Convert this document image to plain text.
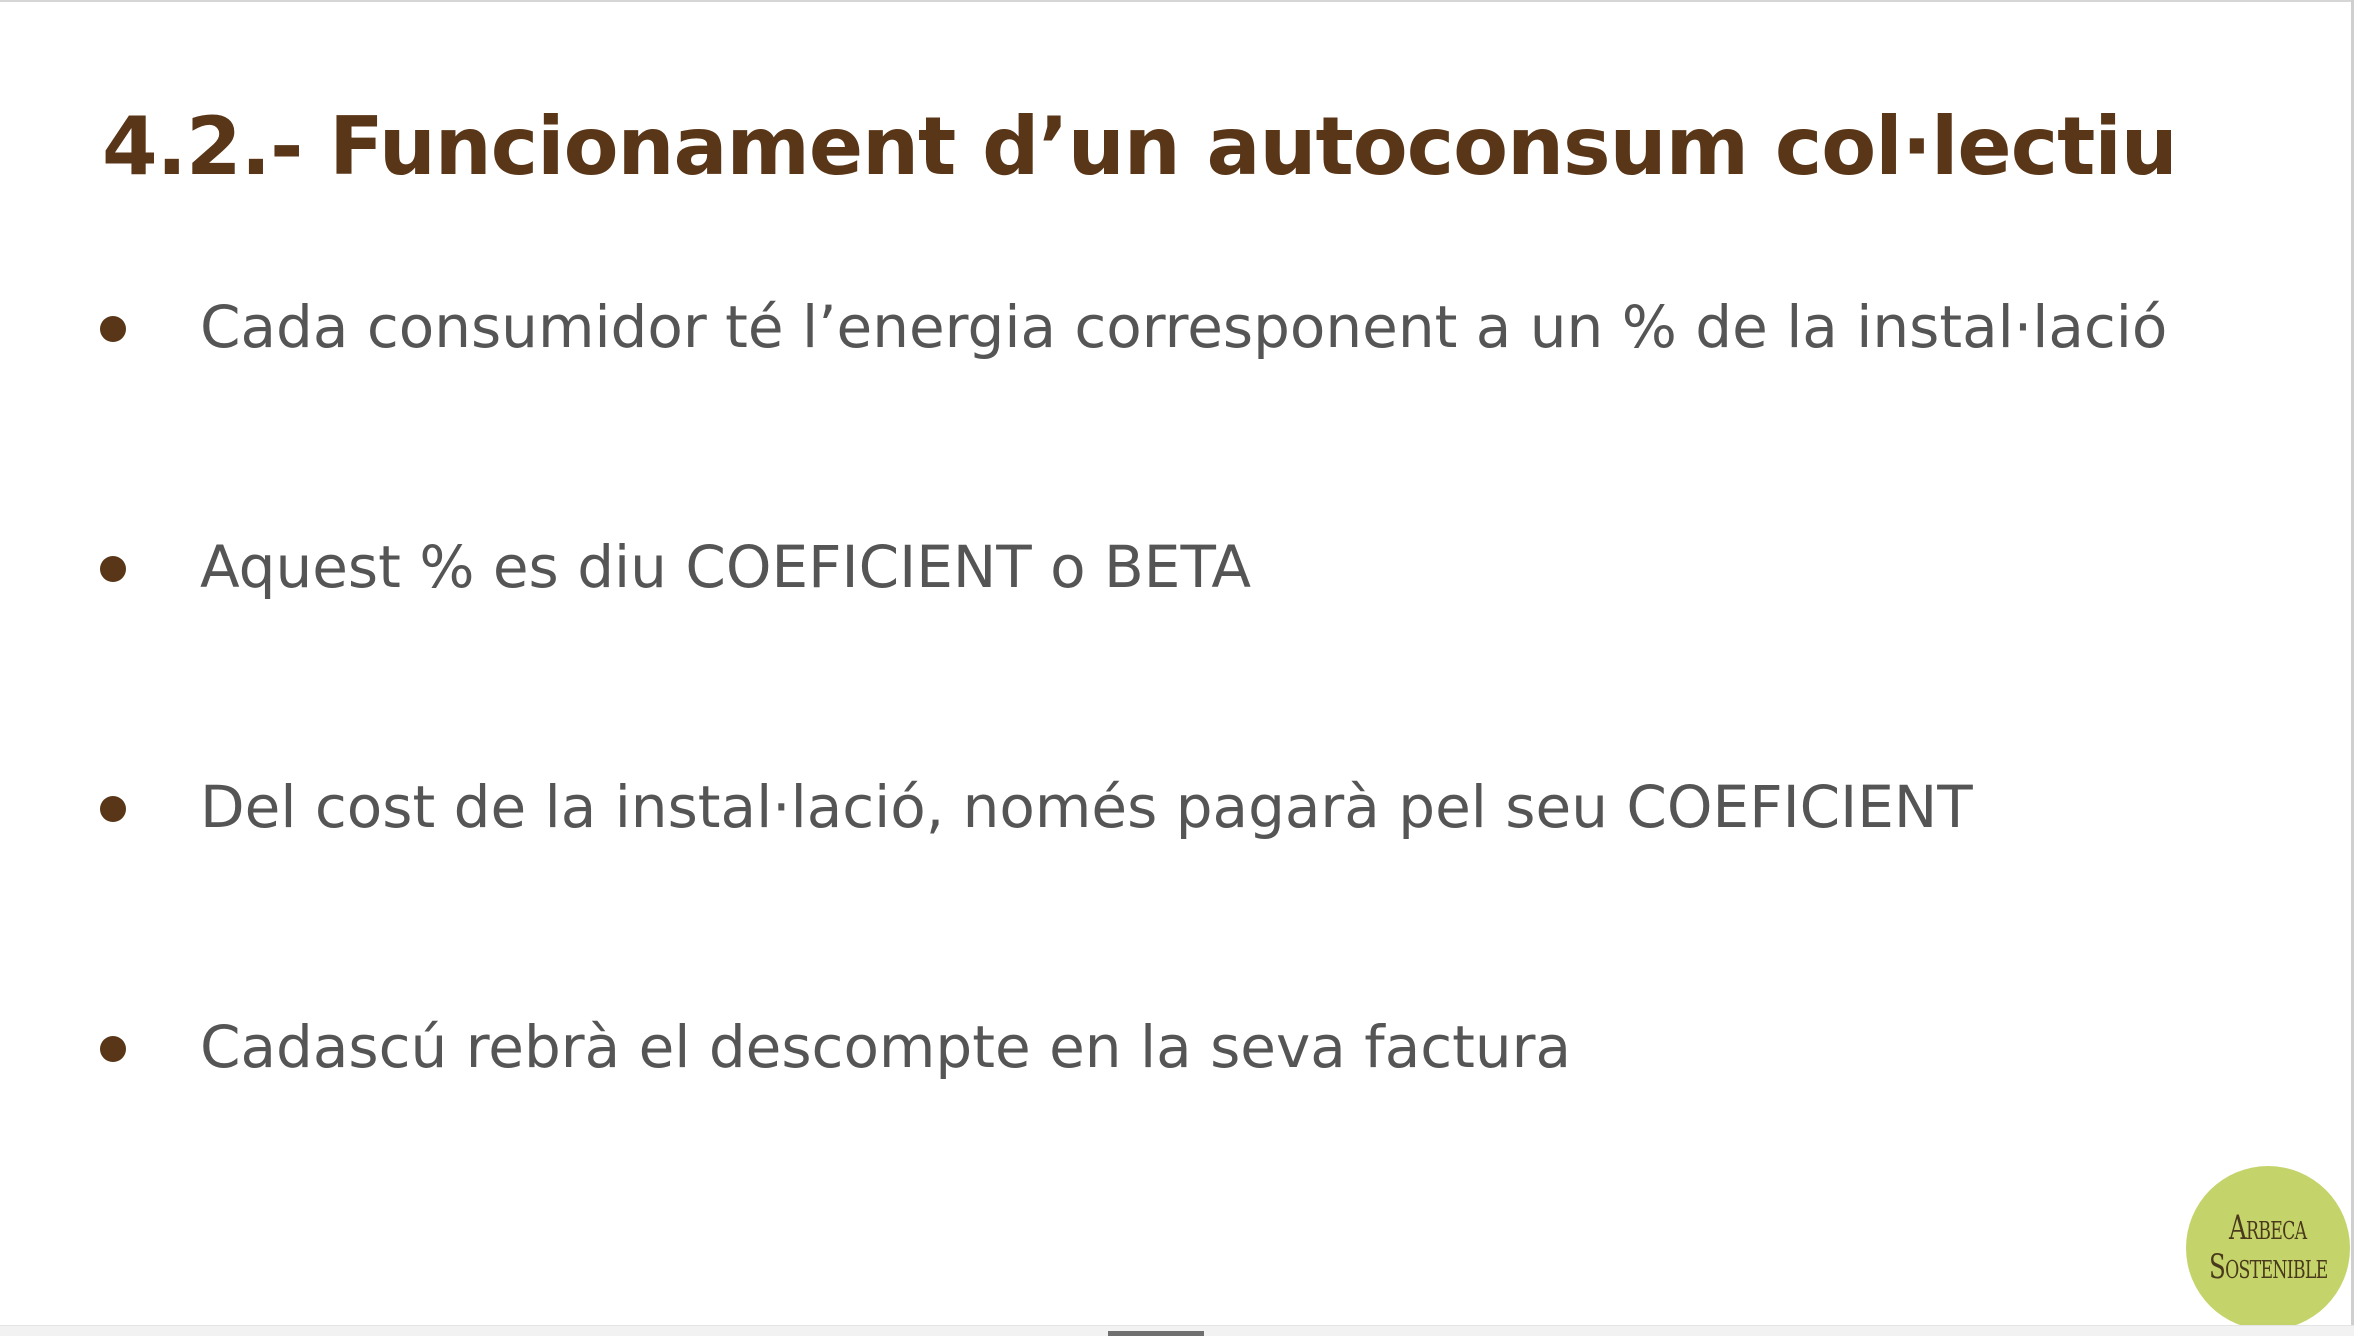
4.2.- Funcionament d’un autoconsum col·lectiu
Cada consumidor té l’energia corresponent a un % de la instal·lació
Aquest % es diu COEFICIENT o BETA
Del cost de la instal·lació, només pagarà pel seu COEFICIENT
Cadascú rebrà el descompte en la seva factura
Arbeca
Sostenible
